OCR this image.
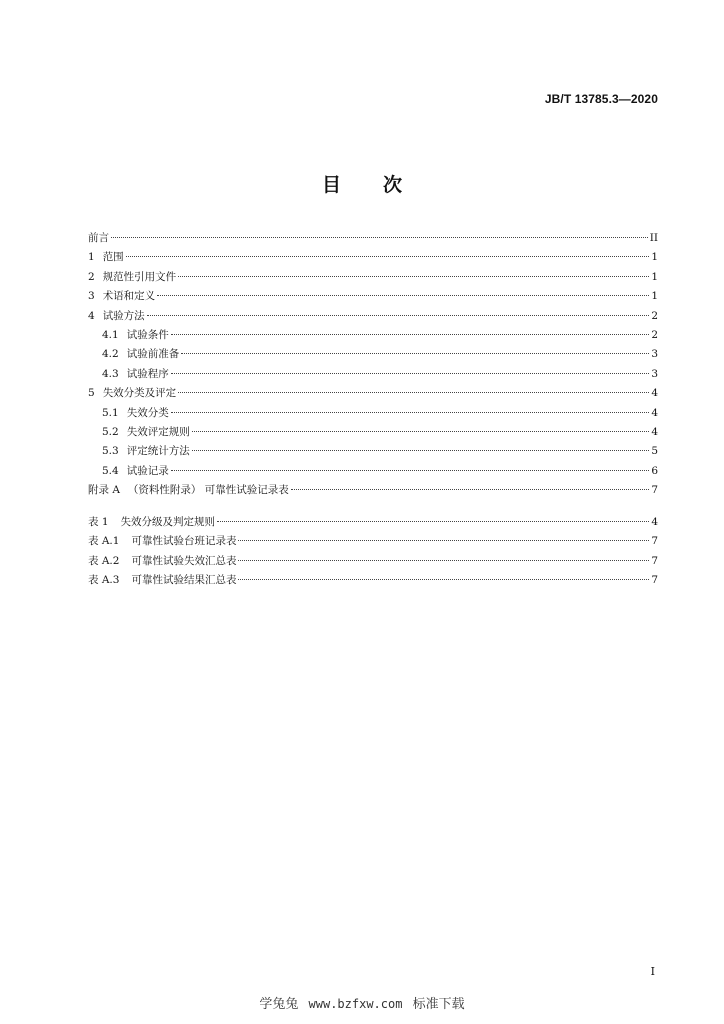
JB/T 13785.3—2020
目 次
前言	II
1 范围	1
2 规范性引用文件	1
3 术语和定义	1
4 试验方法	2
4.1 试验条件	2
4.2 试验前准备	3
4.3 试验程序	3
5 失效分类及评定	4
5.1 失效分类	4
5.2 失效评定规则	4
5.3 评定统计方法	5
5.4 试验记录	6
附录 A （资料性附录） 可靠性试验记录表	7
表 1 失效分级及判定规则	4
表 A.1 可靠性试验台班记录表	7
表 A.2 可靠性试验失效汇总表	7
表 A.3 可靠性试验结果汇总表	7
I
学兔兔 www.bzfxw.com 标准下载
